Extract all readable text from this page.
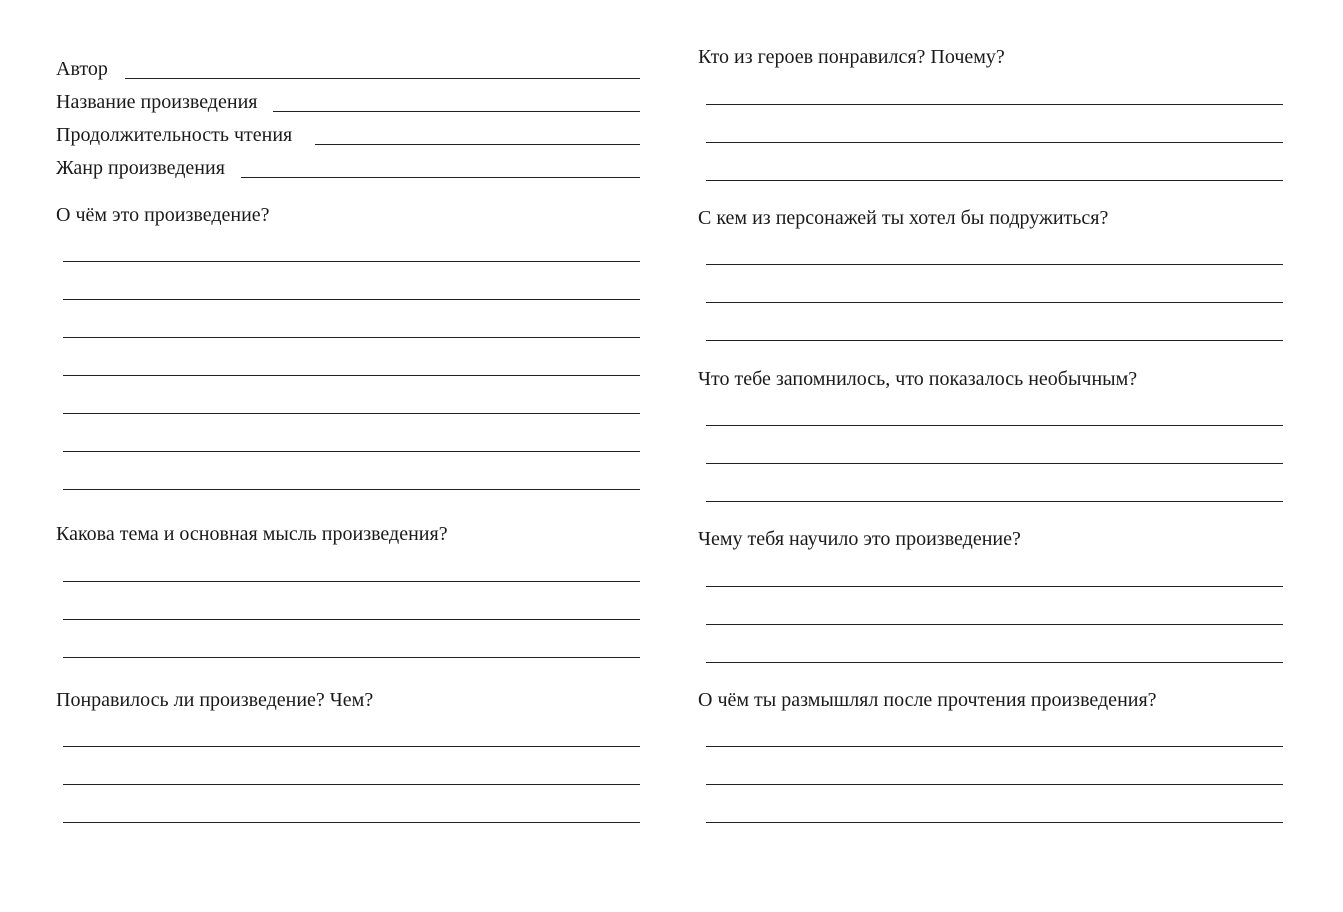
Автор
Название произведения
Продолжительность чтения
Жанр произведения
О чём это произведение?
Какова тема и основная мысль произведения?
Понравилось ли произведение? Чем?
Кто из героев понравился? Почему?
С кем из персонажей ты хотел бы подружиться?
Что тебе запомнилось, что показалось необычным?
Чему тебя научило это произведение?
О чём ты размышлял после прочтения произведения?
